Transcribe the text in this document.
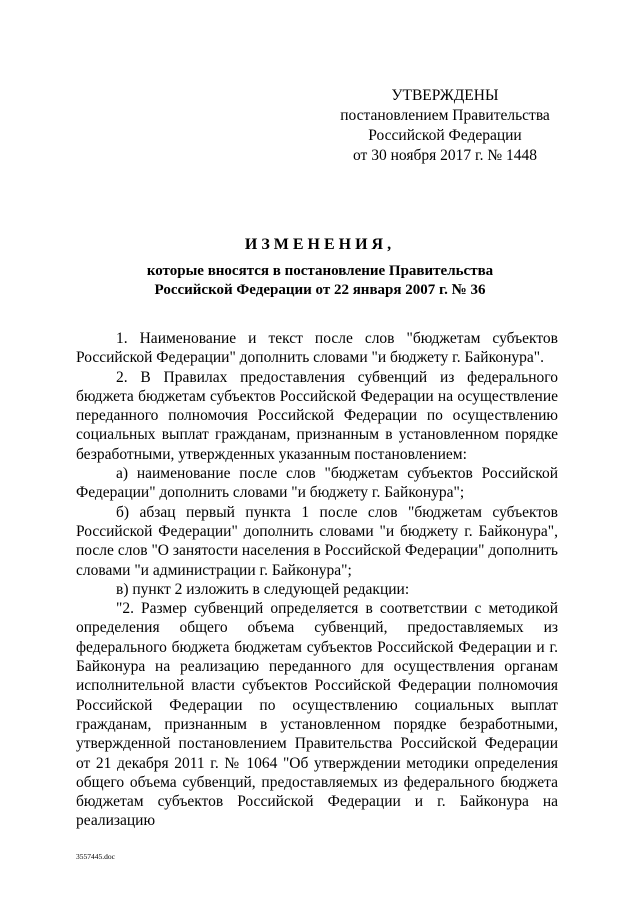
УТВЕРЖДЕНЫ
постановлением Правительства
Российской Федерации
от 30 ноября 2017 г. № 1448
ИЗМЕНЕНИЯ,
которые вносятся в постановление Правительства
Российской Федерации от 22 января 2007 г. № 36

1. Наименование и текст после слов "бюджетам субъектов Российской Федерации" дополнить словами "и бюджету г. Байконура".

2. В Правилах предоставления субвенций из федерального бюджета бюджетам субъектов Российской Федерации на осуществление переданного полномочия Российской Федерации по осуществлению социальных выплат гражданам, признанным в установленном порядке безработными, утвержденных указанным постановлением:

а) наименование после слов "бюджетам субъектов Российской Федерации" дополнить словами "и бюджету г. Байконура";

б) абзац первый пункта 1 после слов "бюджетам субъектов Российской Федерации" дополнить словами "и бюджету г. Байконура", после слов "О занятости населения в Российской Федерации" дополнить словами "и администрации г. Байконура";

в) пункт 2 изложить в следующей редакции:

"2. Размер субвенций определяется в соответствии с методикой определения общего объема субвенций, предоставляемых из федерального бюджета бюджетам субъектов Российской Федерации и г. Байконура на реализацию переданного для осуществления органам исполнительной власти субъектов Российской Федерации полномочия Российской Федерации по осуществлению социальных выплат гражданам, признанным в установленном порядке безработными, утвержденной постановлением Правительства Российской Федерации от 21 декабря 2011 г. № 1064 "Об утверждении методики определения общего объема субвенций, предоставляемых из федерального бюджета бюджетам субъектов Российской Федерации и г. Байконура на реализацию

3557445.doc
